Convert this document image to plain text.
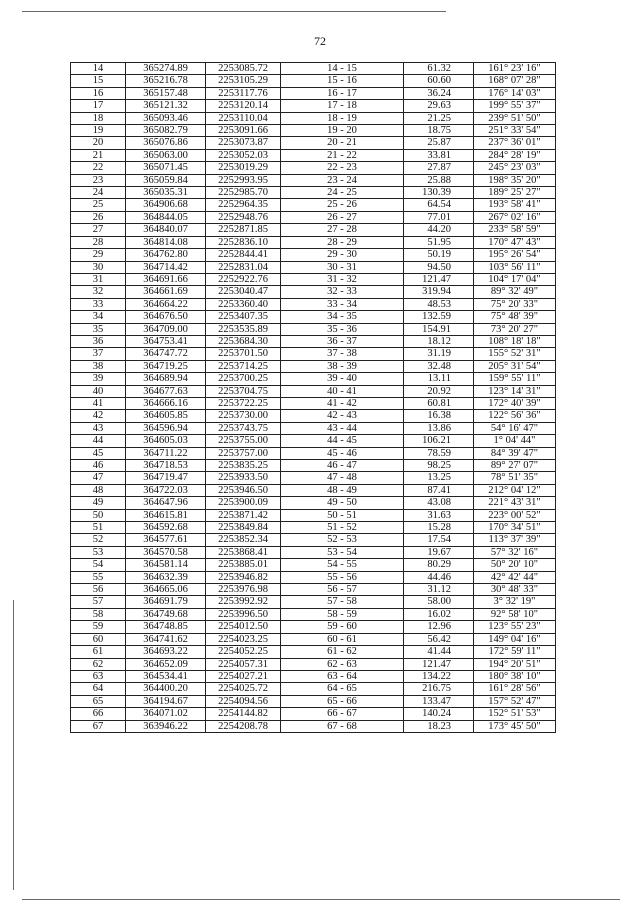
72
14	365274.89	2253085.72	14 - 15	61.32	161° 23' 16"
15	365216.78	2253105.29	15 - 16	60.60	168° 07' 28"
16	365157.48	2253117.76	16 - 17	36.24	176° 14' 03"
17	365121.32	2253120.14	17 - 18	29.63	199° 55' 37"
18	365093.46	2253110.04	18 - 19	21.25	239° 51' 50"
19	365082.79	2253091.66	19 - 20	18.75	251° 33' 54"
20	365076.86	2253073.87	20 - 21	25.87	237° 36' 01"
21	365063.00	2253052.03	21 - 22	33.81	284° 28' 19"
22	365071.45	2253019.29	22 - 23	27.87	245° 23' 03"
23	365059.84	2252993.95	23 - 24	25.88	198° 35' 20"
24	365035.31	2252985.70	24 - 25	130.39	189° 25' 27"
25	364906.68	2252964.35	25 - 26	64.54	193° 58' 41"
26	364844.05	2252948.76	26 - 27	77.01	267° 02' 16"
27	364840.07	2252871.85	27 - 28	44.20	233° 58' 59"
28	364814.08	2252836.10	28 - 29	51.95	170° 47' 43"
29	364762.80	2252844.41	29 - 30	50.19	195° 26' 54"
30	364714.42	2252831.04	30 - 31	94.50	103° 56' 11"
31	364691.66	2252922.76	31 - 32	121.47	104° 17' 04"
32	364661.69	2253040.47	32 - 33	319.94	89° 32' 49"
33	364664.22	2253360.40	33 - 34	48.53	75° 20' 33"
34	364676.50	2253407.35	34 - 35	132.59	75° 48' 39"
35	364709.00	2253535.89	35 - 36	154.91	73° 20' 27"
36	364753.41	2253684.30	36 - 37	18.12	108° 18' 18"
37	364747.72	2253701.50	37 - 38	31.19	155° 52' 31"
38	364719.25	2253714.25	38 - 39	32.48	205° 31' 54"
39	364689.94	2253700.25	39 - 40	13.11	159° 55' 11"
40	364677.63	2253704.75	40 - 41	20.92	123° 14' 31"
41	364666.16	2253722.25	41 - 42	60.81	172° 40' 39"
42	364605.85	2253730.00	42 - 43	16.38	122° 56' 36"
43	364596.94	2253743.75	43 - 44	13.86	54° 16' 47"
44	364605.03	2253755.00	44 - 45	106.21	1° 04' 44"
45	364711.22	2253757.00	45 - 46	78.59	84° 39' 47"
46	364718.53	2253835.25	46 - 47	98.25	89° 27' 07"
47	364719.47	2253933.50	47 - 48	13.25	78° 51' 35"
48	364722.03	2253946.50	48 - 49	87.41	212° 04' 12"
49	364647.96	2253900.09	49 - 50	43.08	221° 43' 31"
50	364615.81	2253871.42	50 - 51	31.63	223° 00' 52"
51	364592.68	2253849.84	51 - 52	15.28	170° 34' 51"
52	364577.61	2253852.34	52 - 53	17.54	113° 37' 39"
53	364570.58	2253868.41	53 - 54	19.67	57° 32' 16"
54	364581.14	2253885.01	54 - 55	80.29	50° 20' 10"
55	364632.39	2253946.82	55 - 56	44.46	42° 42' 44"
56	364665.06	2253976.98	56 - 57	31.12	30° 48' 33"
57	364691.79	2253992.92	57 - 58	58.00	3° 32' 19"
58	364749.68	2253996.50	58 - 59	16.02	92° 58' 10"
59	364748.85	2254012.50	59 - 60	12.96	123° 55' 23"
60	364741.62	2254023.25	60 - 61	56.42	149° 04' 16"
61	364693.22	2254052.25	61 - 62	41.44	172° 59' 11"
62	364652.09	2254057.31	62 - 63	121.47	194° 20' 51"
63	364534.41	2254027.21	63 - 64	134.22	180° 38' 10"
64	364400.20	2254025.72	64 - 65	216.75	161° 28' 56"
65	364194.67	2254094.56	65 - 66	133.47	157° 52' 47"
66	364071.02	2254144.82	66 - 67	140.24	152° 51' 53"
67	363946.22	2254208.78	67 - 68	18.23	173° 45' 50"
